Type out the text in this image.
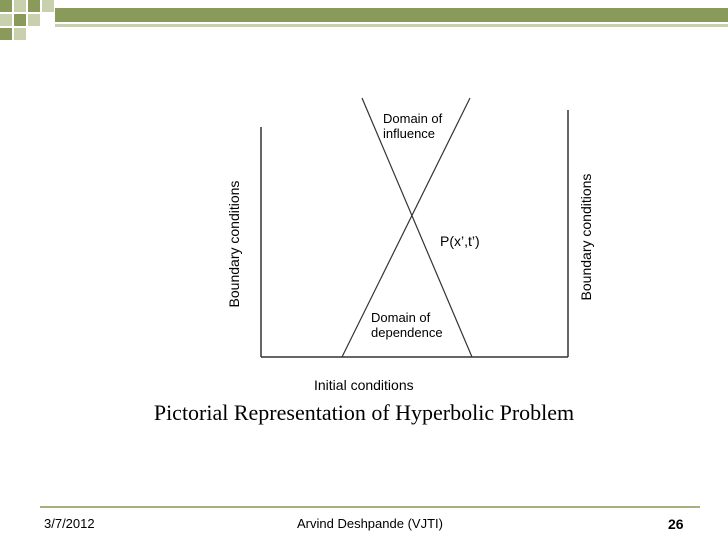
Domain of
influence
P(x’,t’)
Domain of
dependence
Initial conditions
Boundary conditions	Boundary conditions
Pictorial Representation of Hyperbolic Problem
3/7/2012	Arvind Deshpande (VJTI)	26
